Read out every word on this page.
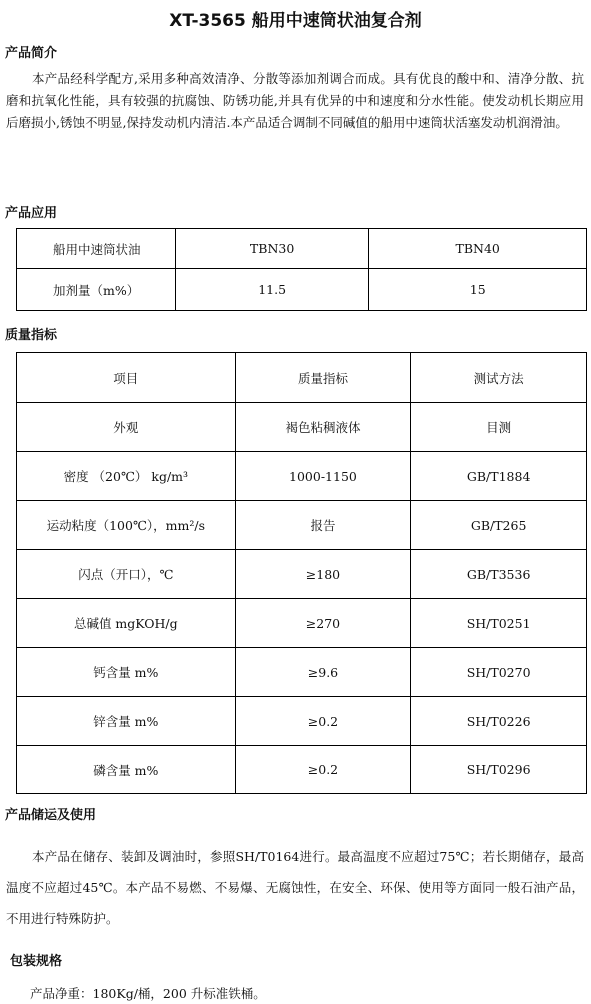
XT-3565 船用中速筒状油复合剂
产品简介
本产品经科学配方,采用多种高效清净、分散等添加剂调合而成。具有优良的酸中和、清净分散、抗磨和抗氧化性能，具有较强的抗腐蚀、防锈功能,并具有优异的中和速度和分水性能。使发动机长期应用后磨损小,锈蚀不明显,保持发动机内清洁.本产品适合调制不同碱值的船用中速筒状活塞发动机润滑油。
产品应用
船用中速筒状油	TBN30	TBN40
加剂量（m%）	11.5	15
质量指标
项目	质量指标	测试方法
外观	褐色粘稠液体	目测
密度 （20℃） kg/m³	1000-1150	GB/T1884
运动粘度（100℃），mm²/s	报告	GB/T265
闪点（开口），℃	≥180	GB/T3536
总碱值 mgKOH/g	≥270	SH/T0251
钙含量 m%	≥9.6	SH/T0270
锌含量 m%	≥0.2	SH/T0226
磷含量 m%	≥0.2	SH/T0296
产品储运及使用
本产品在储存、装卸及调油时，参照SH/T0164进行。最高温度不应超过75℃；若长期储存，最高温度不应超过45℃。本产品不易燃、不易爆、无腐蚀性，在安全、环保、使用等方面同一般石油产品，不用进行特殊防护。
包装规格
产品净重：180Kg/桶，200 升标准铁桶。
